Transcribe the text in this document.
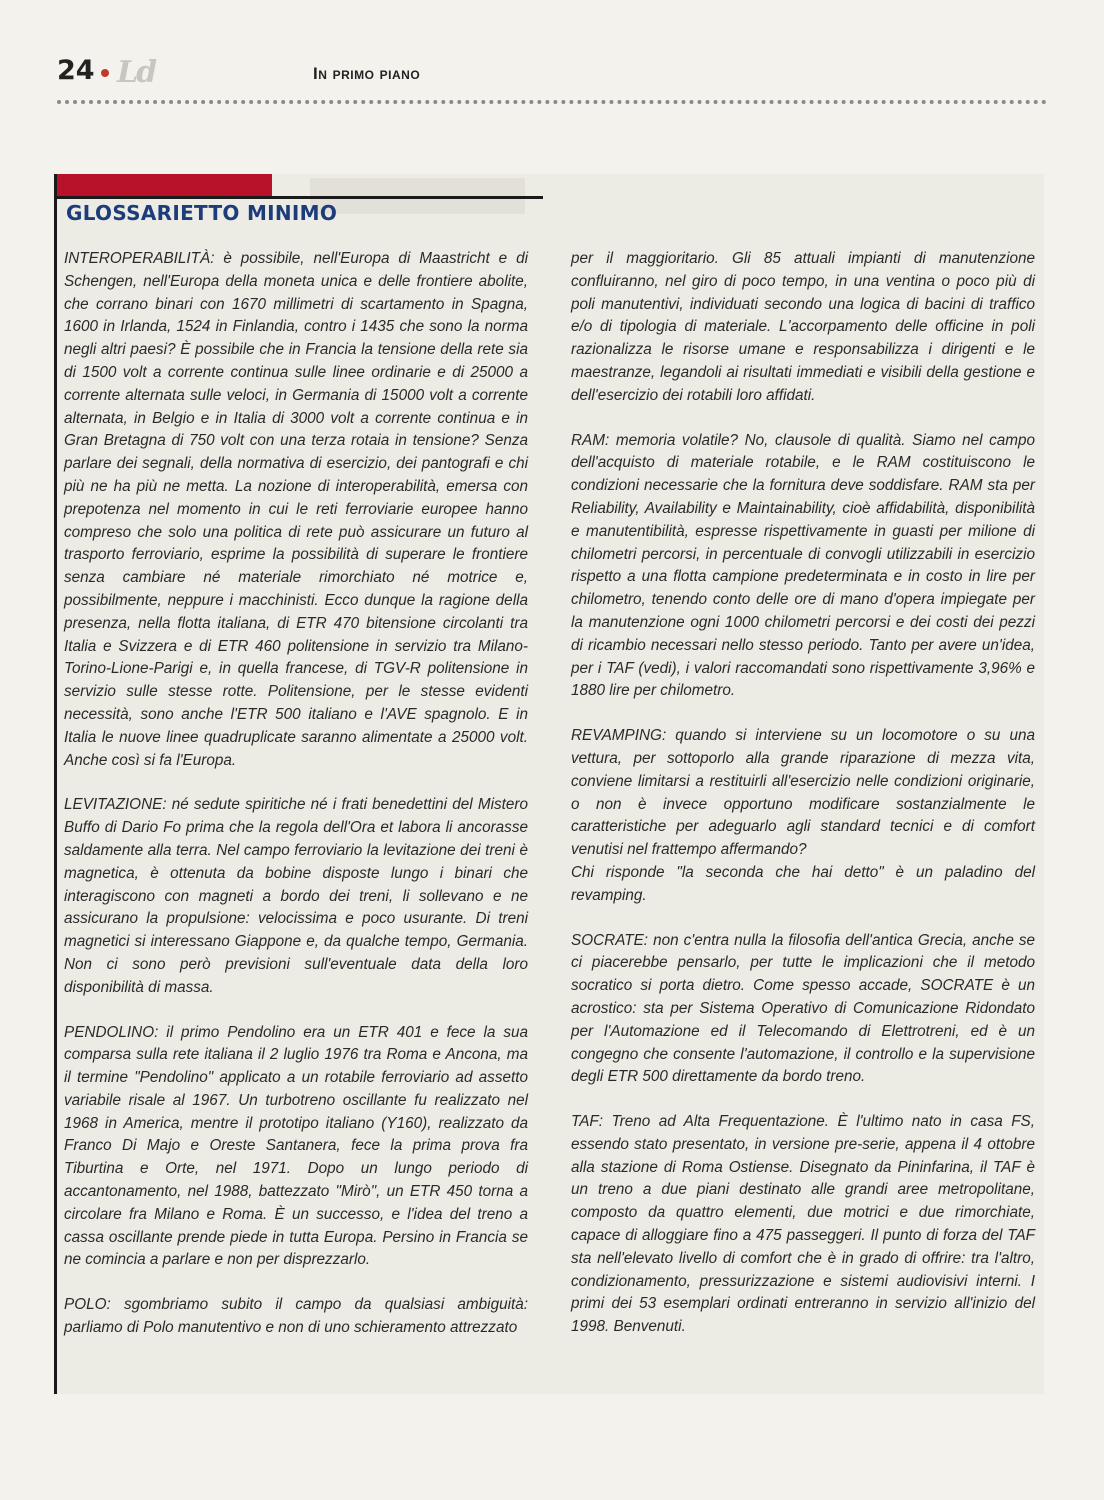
24 Ld	In primo piano
GLOSSARIETTO MINIMO

INTEROPERABILITÀ: è possibile, nell'Europa di Maastricht e di Schengen, nell'Europa della moneta unica e delle frontiere abolite, che corrano binari con 1670 millimetri di scartamento in Spagna, 1600 in Irlanda, 1524 in Finlandia, contro i 1435 che sono la norma negli altri paesi? È possibile che in Francia la tensione della rete sia di 1500 volt a corrente continua sulle linee ordinarie e di 25000 a corrente alternata sulle veloci, in Germania di 15000 volt a corrente alternata, in Belgio e in Italia di 3000 volt a corrente continua e in Gran Bretagna di 750 volt con una terza rotaia in tensione? Senza parlare dei segnali, della normativa di esercizio, dei pantografi e chi più ne ha più ne metta. La nozione di interoperabilità, emersa con prepotenza nel momento in cui le reti ferroviarie europee hanno compreso che solo una politica di rete può assicurare un futuro al trasporto ferroviario, esprime la possibilità di superare le frontiere senza cambiare né materiale rimorchiato né motrice e, possibilmente, neppure i macchinisti. Ecco dunque la ragione della presenza, nella flotta italiana, di ETR 470 bitensione circolanti tra Italia e Svizzera e di ETR 460 politensione in servizio tra Milano-Torino-Lione-Parigi e, in quella francese, di TGV-R politensione in servizio sulle stesse rotte. Politensione, per le stesse evidenti necessità, sono anche l'ETR 500 italiano e l'AVE spagnolo. E in Italia le nuove linee quadruplicate saranno alimentate a 25000 volt. Anche così si fa l'Europa.

LEVITAZIONE: né sedute spiritiche né i frati benedettini del Mistero Buffo di Dario Fo prima che la regola dell'Ora et labora li ancorasse saldamente alla terra. Nel campo ferroviario la levitazione dei treni è magnetica, è ottenuta da bobine disposte lungo i binari che interagiscono con magneti a bordo dei treni, li sollevano e ne assicurano la propulsione: velocissima e poco usurante. Di treni magnetici si interessano Giappone e, da qualche tempo, Germania. Non ci sono però previsioni sull'eventuale data della loro disponibilità di massa.

PENDOLINO: il primo Pendolino era un ETR 401 e fece la sua comparsa sulla rete italiana il 2 luglio 1976 tra Roma e Ancona, ma il termine "Pendolino" applicato a un rotabile ferroviario ad assetto variabile risale al 1967. Un turbotreno oscillante fu realizzato nel 1968 in America, mentre il prototipo italiano (Y160), realizzato da Franco Di Majo e Oreste Santanera, fece la prima prova fra Tiburtina e Orte, nel 1971. Dopo un lungo periodo di accantonamento, nel 1988, battezzato "Mirò", un ETR 450 torna a circolare fra Milano e Roma. È un successo, e l'idea del treno a cassa oscillante prende piede in tutta Europa. Persino in Francia se ne comincia a parlare e non per disprezzarlo.

POLO: sgombriamo subito il campo da qualsiasi ambiguità: parliamo di Polo manutentivo e non di uno schieramento attrezzato

per il maggioritario. Gli 85 attuali impianti di manutenzione confluiranno, nel giro di poco tempo, in una ventina o poco più di poli manutentivi, individuati secondo una logica di bacini di traffico e/o di tipologia di materiale. L'accorpamento delle officine in poli razionalizza le risorse umane e responsabilizza i dirigenti e le maestranze, legandoli ai risultati immediati e visibili della gestione e dell'esercizio dei rotabili loro affidati.

RAM: memoria volatile? No, clausole di qualità. Siamo nel campo dell'acquisto di materiale rotabile, e le RAM costituiscono le condizioni necessarie che la fornitura deve soddisfare. RAM sta per Reliability, Availability e Maintainability, cioè affidabilità, disponibilità e manutentibilità, espresse rispettivamente in guasti per milione di chilometri percorsi, in percentuale di convogli utilizzabili in esercizio rispetto a una flotta campione predeterminata e in costo in lire per chilometro, tenendo conto delle ore di mano d'opera impiegate per la manutenzione ogni 1000 chilometri percorsi e dei costi dei pezzi di ricambio necessari nello stesso periodo. Tanto per avere un'idea, per i TAF (vedi), i valori raccomandati sono rispettivamente 3,96% e 1880 lire per chilometro.

REVAMPING: quando si interviene su un locomotore o su una vettura, per sottoporlo alla grande riparazione di mezza vita, conviene limitarsi a restituirli all'esercizio nelle condizioni originarie, o non è invece opportuno modificare sostanzialmente le caratteristiche per adeguarlo agli standard tecnici e di comfort venutisi nel frattempo affermando?
Chi risponde "la seconda che hai detto" è un paladino del revamping.

SOCRATE: non c'entra nulla la filosofia dell'antica Grecia, anche se ci piacerebbe pensarlo, per tutte le implicazioni che il metodo socratico si porta dietro. Come spesso accade, SOCRATE è un acrostico: sta per Sistema Operativo di Comunicazione Ridondato per l'Automazione ed il Telecomando di Elettrotreni, ed è un congegno che consente l'automazione, il controllo e la supervisione degli ETR 500 direttamente da bordo treno.

TAF: Treno ad Alta Frequentazione. È l'ultimo nato in casa FS, essendo stato presentato, in versione pre-serie, appena il 4 ottobre alla stazione di Roma Ostiense. Disegnato da Pininfarina, il TAF è un treno a due piani destinato alle grandi aree metropolitane, composto da quattro elementi, due motrici e due rimorchiate, capace di alloggiare fino a 475 passeggeri. Il punto di forza del TAF sta nell'elevato livello di comfort che è in grado di offrire: tra l'altro, condizionamento, pressurizzazione e sistemi audiovisivi interni. I primi dei 53 esemplari ordinati entreranno in servizio all'inizio del 1998. Benvenuti.
